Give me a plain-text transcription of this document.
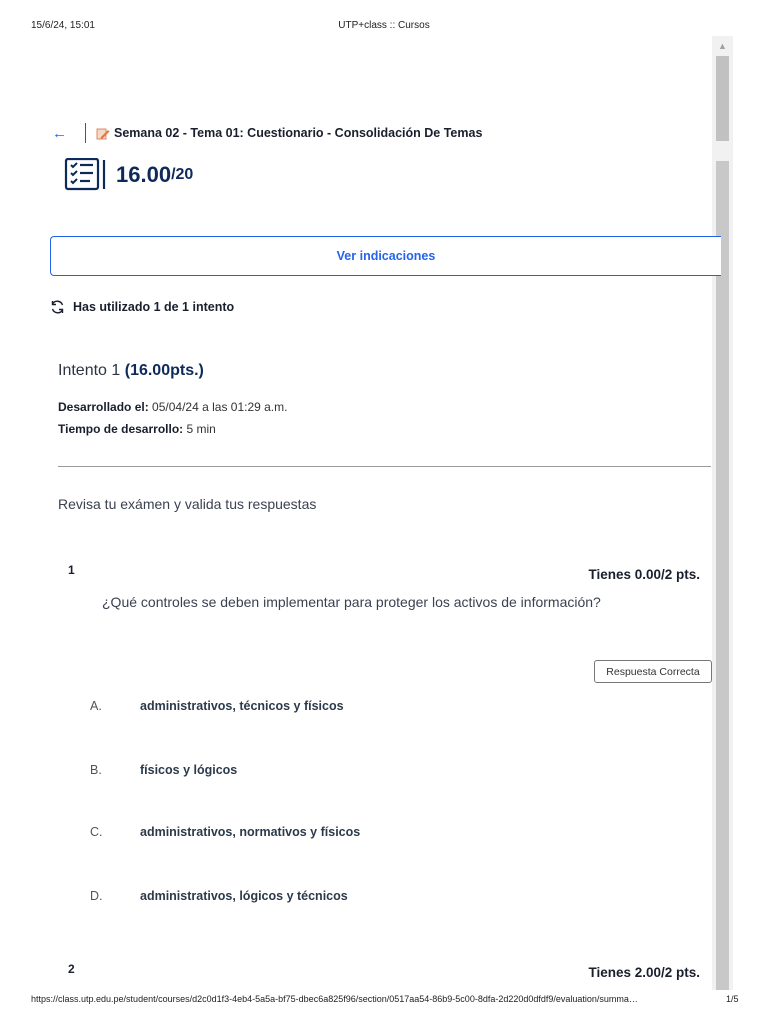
15/6/24, 15:01	UTP+class :: Cursos
▲
←	Semana 02 - Tema 01: Cuestionario - Consolidación De Temas
16.00 /20
Ver indicaciones
Has utilizado 1 de 1 intento
Intento 1 (16.00pts.)
Desarrollado el: 05/04/24 a las 01:29 a.m.
Tiempo de desarrollo: 5 min
Revisa tu exámen y valida tus respuestas
1	Tienes 0.00/2 pts.
¿Qué controles se deben implementar para proteger los activos de información?
Respuesta Correcta
A.	administrativos, técnicos y físicos
B.	físicos y lógicos
C.	administrativos, normativos y físicos
D.	administrativos, lógicos y técnicos
2	Tienes 2.00/2 pts.
https://class.utp.edu.pe/student/courses/d2c0d1f3-4eb4-5a5a-bf75-dbec6a825f96/section/0517aa54-86b9-5c00-8dfa-2d220d0dfdf9/evaluation/summa…	1/5
